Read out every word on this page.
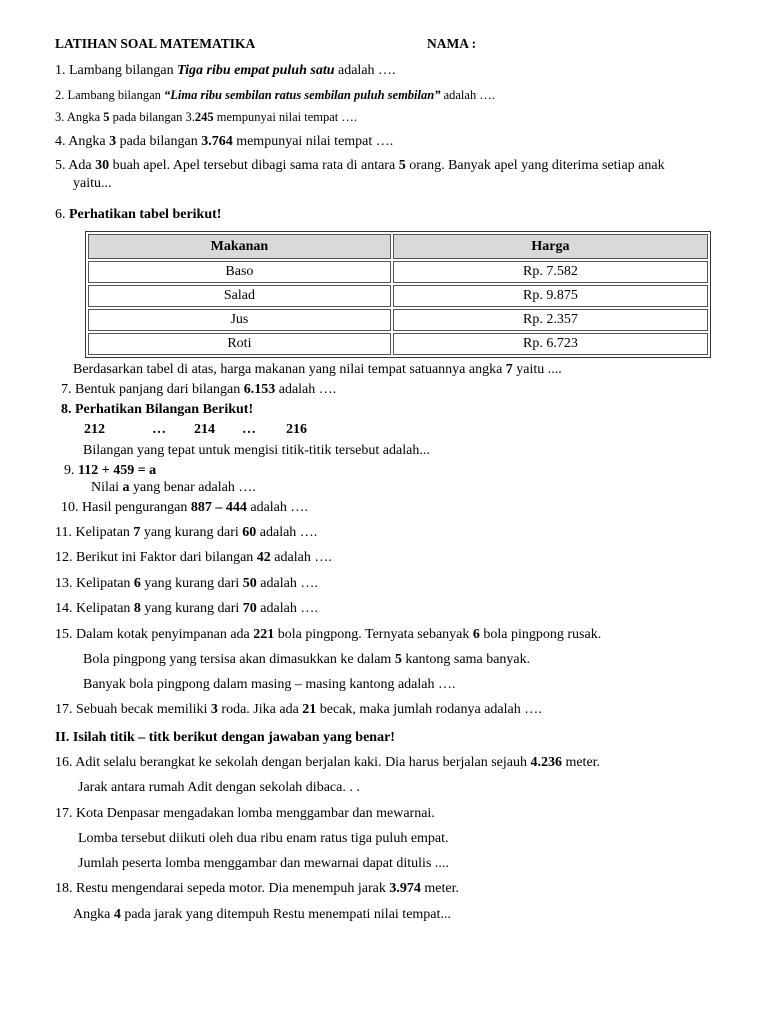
LATIHAN SOAL MATEMATIKA	NAMA :
1. Lambang bilangan Tiga ribu empat puluh satu adalah ….
2. Lambang bilangan “Lima ribu sembilan ratus sembilan puluh sembilan” adalah ….
3. Angka 5 pada bilangan 3.245 mempunyai nilai tempat ….
4. Angka 3 pada bilangan 3.764 mempunyai nilai tempat ….
5. Ada 30 buah apel. Apel tersebut dibagi sama rata di antara 5 orang. Banyak apel yang diterima setiap anak
yaitu...
6. Perhatikan tabel berikut!
Makanan	Harga
Baso	Rp. 7.582
Salad	Rp. 9.875
Jus	Rp. 2.357
Roti	Rp. 6.723
Berdasarkan tabel di atas, harga makanan yang nilai tempat satuannya angka 7 yaitu ....
7. Bentuk panjang dari bilangan 6.153 adalah ….
8. Perhatikan Bilangan Berikut!
212	… 214 … 216
Bilangan yang tepat untuk mengisi titik-titik tersebut adalah...
9. 112 + 459 = a
Nilai a yang benar adalah ….
10. Hasil pengurangan 887 – 444 adalah ….
11. Kelipatan 7 yang kurang dari 60 adalah ….
12. Berikut ini Faktor dari bilangan 42 adalah ….
13. Kelipatan 6 yang kurang dari 50 adalah ….
14. Kelipatan 8 yang kurang dari 70 adalah ….
15. Dalam kotak penyimpanan ada 221 bola pingpong. Ternyata sebanyak 6 bola pingpong rusak.
Bola pingpong yang tersisa akan dimasukkan ke dalam 5 kantong sama banyak.
Banyak bola pingpong dalam masing – masing kantong adalah ….
17. Sebuah becak memiliki 3 roda. Jika ada 21 becak, maka jumlah rodanya adalah ….
II. Isilah titik – titk berikut dengan jawaban yang benar!
16. Adit selalu berangkat ke sekolah dengan berjalan kaki. Dia harus berjalan sejauh 4.236 meter.
Jarak antara rumah Adit dengan sekolah dibaca. . .
17. Kota Denpasar mengadakan lomba menggambar dan mewarnai.
Lomba tersebut diikuti oleh dua ribu enam ratus tiga puluh empat.
Jumlah peserta lomba menggambar dan mewarnai dapat ditulis ....
18. Restu mengendarai sepeda motor. Dia menempuh jarak 3.974 meter.
Angka 4 pada jarak yang ditempuh Restu menempati nilai tempat...
